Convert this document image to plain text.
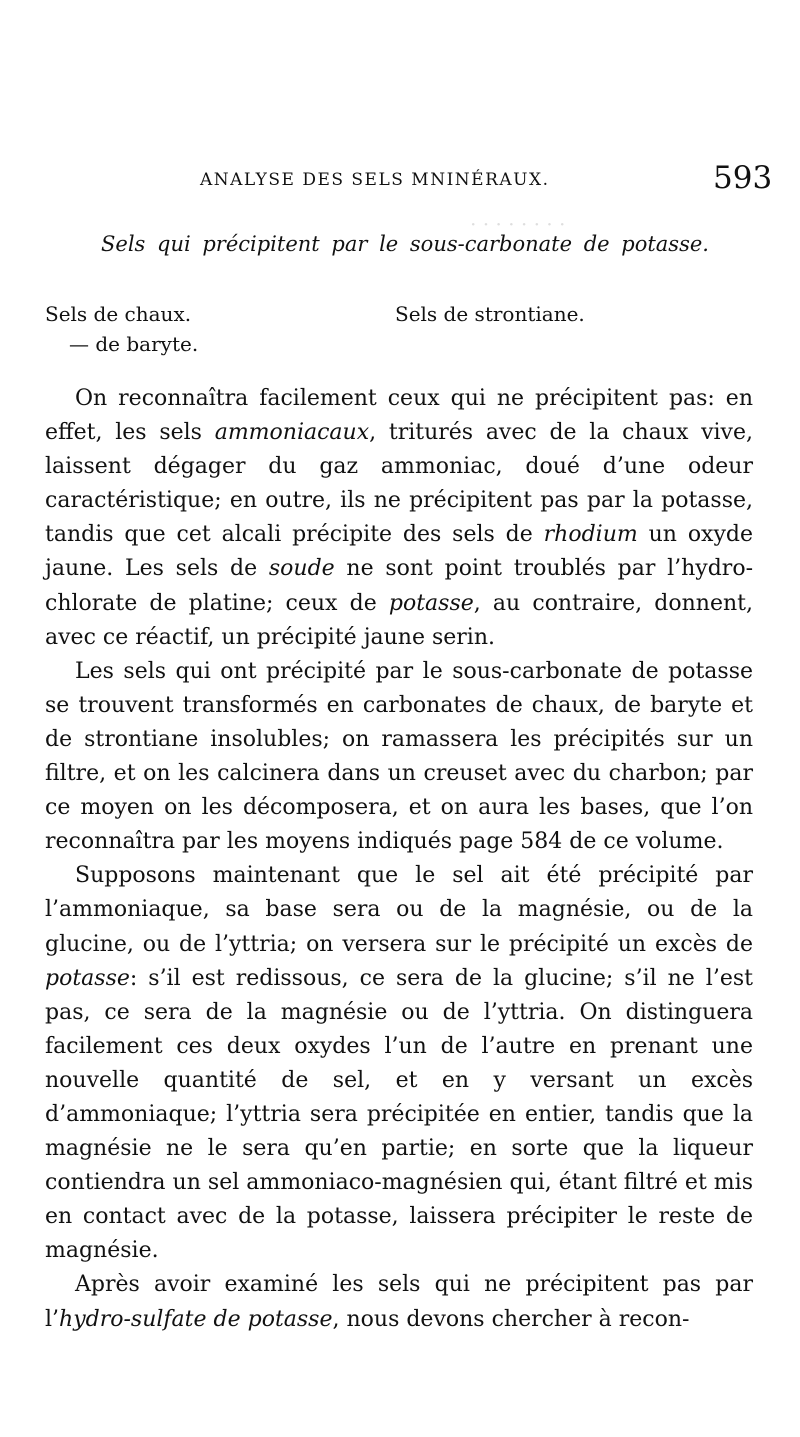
· · · · · · · ·
ANALYSE DES SELS MNINÉRAUX.	593
Sels qui précipitent par le sous-carbonate de potasse.
Sels de chaux.
— de baryte.
Sels de strontiane.

On reconnaîtra facilement ceux qui ne précipitent pas: en effet, les sels ammoniacaux, triturés avec de la chaux vive, laissent dégager du gaz ammoniac, doué d’une odeur caractéristique; en outre, ils ne précipitent pas par la potasse, tandis que cet alcali précipite des sels de rhodium un oxyde jaune. Les sels de soude ne sont point troublés par l’hydro-chlorate de platine; ceux de potasse, au contraire, donnent, avec ce réactif, un précipité jaune serin.

Les sels qui ont précipité par le sous-carbonate de potasse se trouvent transformés en carbonates de chaux, de baryte et de strontiane insolubles; on ramassera les précipités sur un filtre, et on les calcinera dans un creuset avec du charbon; par ce moyen on les décomposera, et on aura les bases, que l’on reconnaîtra par les moyens indiqués page 584 de ce volume.

Supposons maintenant que le sel ait été précipité par l’ammoniaque, sa base sera ou de la magnésie, ou de la glucine, ou de l’yttria; on versera sur le précipité un excès de potasse: s’il est redissous, ce sera de la glucine; s’il ne l’est pas, ce sera de la magnésie ou de l’yttria. On distinguera facilement ces deux oxydes l’un de l’autre en prenant une nouvelle quantité de sel, et en y versant un excès d’ammoniaque; l’yttria sera précipitée en entier, tandis que la magnésie ne le sera qu’en partie; en sorte que la liqueur contiendra un sel ammoniaco-magnésien qui, étant filtré et mis en contact avec de la potasse, laissera précipiter le reste de magnésie.

Après avoir examiné les sels qui ne précipitent pas par l’hydro-sulfate de potasse, nous devons chercher à recon-
